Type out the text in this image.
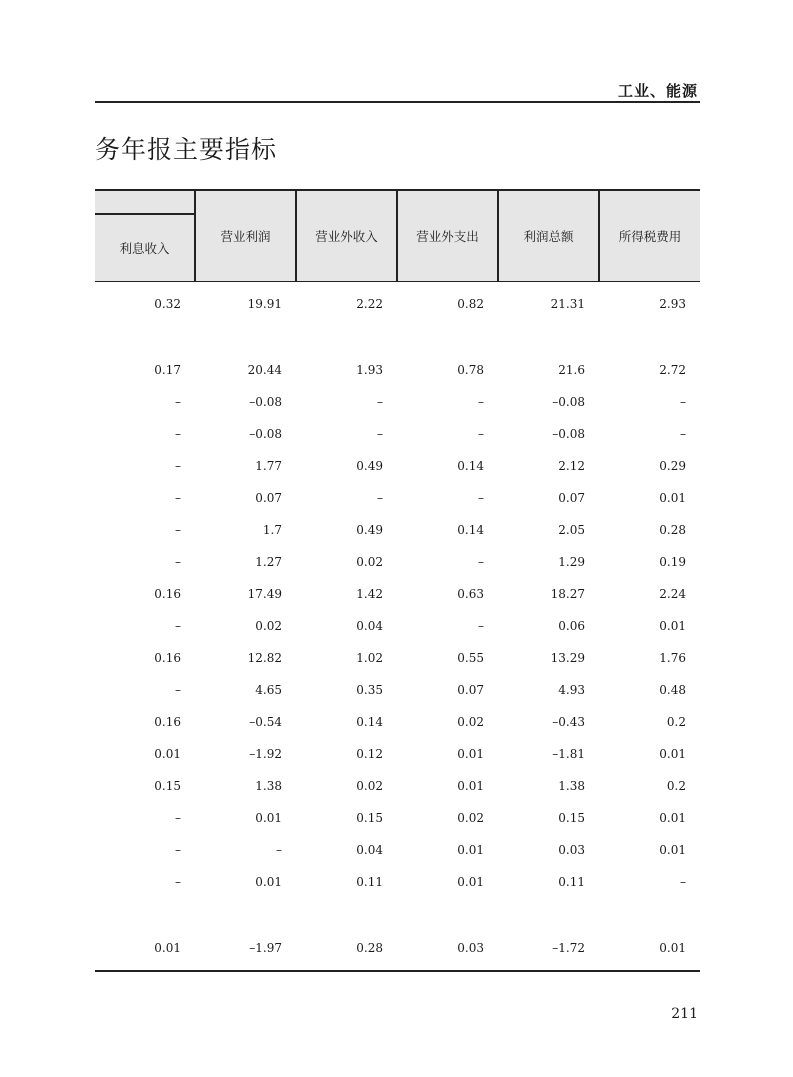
工业、能源
务年报主要指标
利息收入	营业利润	营业外收入	营业外支出	利润总额	所得税费用
0.32	19.91	2.22	0.82	21.31	2.93

0.17	20.44	1.93	0.78	21.6	2.72
–	–0.08	–	–	–0.08	–
–	–0.08	–	–	–0.08	–
–	1.77	0.49	0.14	2.12	0.29
–	0.07	–	–	0.07	0.01
–	1.7	0.49	0.14	2.05	0.28
–	1.27	0.02	–	1.29	0.19
0.16	17.49	1.42	0.63	18.27	2.24
–	0.02	0.04	–	0.06	0.01
0.16	12.82	1.02	0.55	13.29	1.76
–	4.65	0.35	0.07	4.93	0.48
0.16	–0.54	0.14	0.02	–0.43	0.2
0.01	–1.92	0.12	0.01	–1.81	0.01
0.15	1.38	0.02	0.01	1.38	0.2
–	0.01	0.15	0.02	0.15	0.01
–	–	0.04	0.01	0.03	0.01
–	0.01	0.11	0.01	0.11	–

0.01	–1.97	0.28	0.03	–1.72	0.01
211
